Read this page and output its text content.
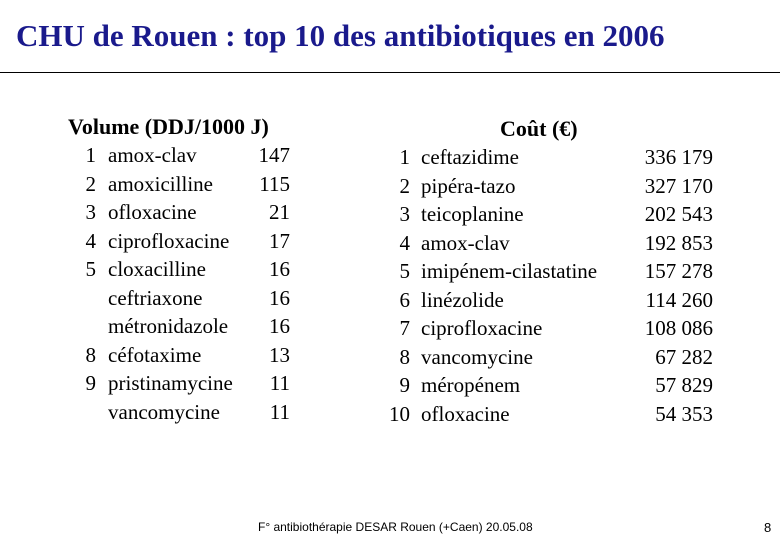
CHU de Rouen : top 10 des antibiotiques en 2006
Volume (DDJ/1000 J)	Coût (€)
1 amox-clav	147
2 amoxicilline	115
3 ofloxacine	21
4 ciprofloxacine	17
5 cloxacilline	16
ceftriaxone	16
métronidazole	16
8 céfotaxime	13
9 pristinamycine	11
vancomycine	11
1 ceftazidime	336 179
2 pipéra-tazo	327 170
3 teicoplanine	202 543
4 amox-clav	192 853
5 imipénem-cilastatine	157 278
6 linézolide	114 260
7 ciprofloxacine	108 086
8 vancomycine	67 282
9 méropénem	57 829
10 ofloxacine	54 353
F° antibiothérapie DESAR Rouen (+Caen) 20.05.08	8
